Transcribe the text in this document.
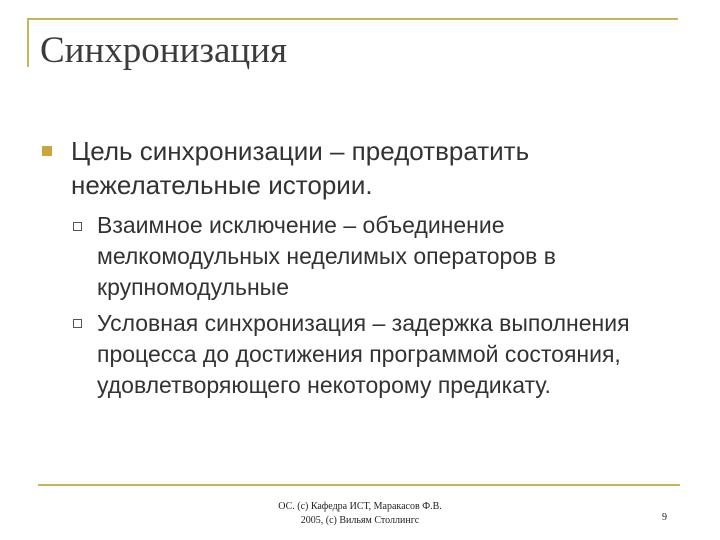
Синхронизация

Цель синхронизации – предотвратить нежелательные истории.

Взаимное исключение – объединение мелкомодульных неделимых операторов в крупномодульные

Условная синхронизация – задержка выполнения процесса до достижения программой состояния, удовлетворяющего некоторому предикату.

ОС. (с) Кафедра ИСТ, Маракасов Ф.В.
2005, (с) Вильям Столлингс	9
